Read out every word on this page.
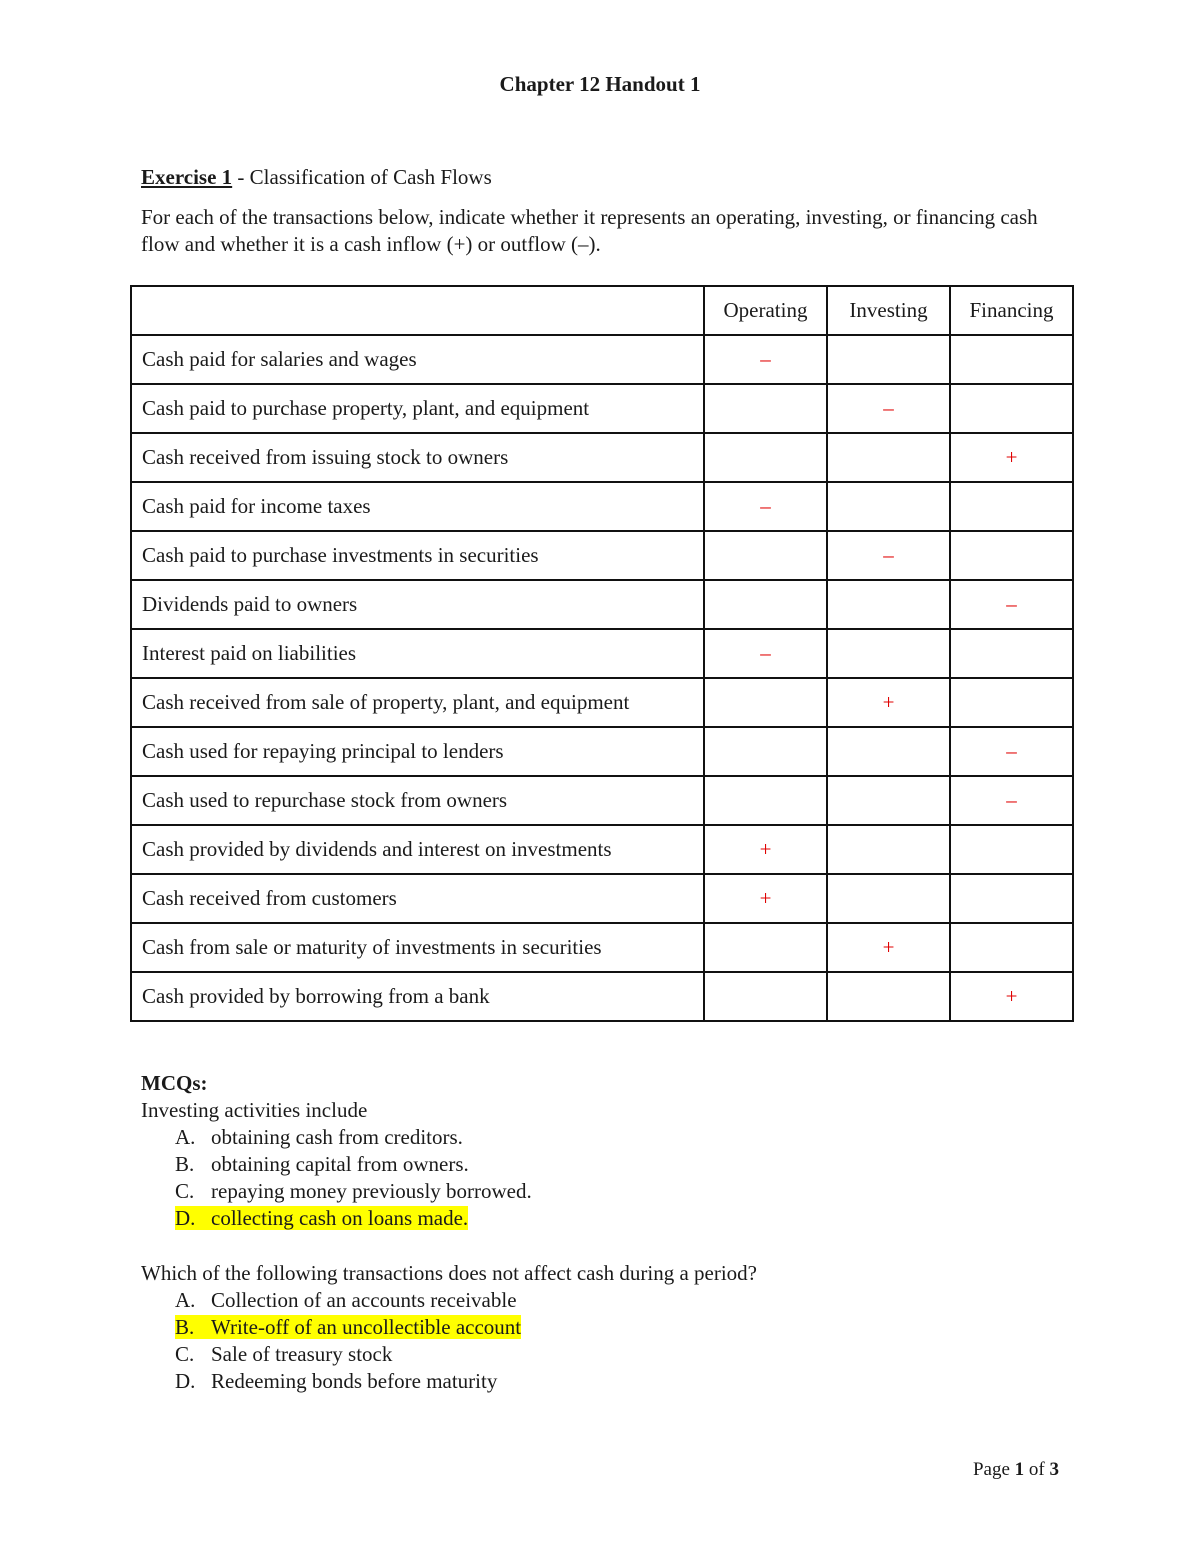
Chapter 12 Handout 1
Exercise 1 - Classification of Cash Flows
For each of the transactions below, indicate whether it represents an operating, investing, or financing cash flow and whether it is a cash inflow (+) or outflow (–).
	Operating	Investing	Financing
Cash paid for salaries and wages	–		
Cash paid to purchase property, plant, and equipment		–	
Cash received from issuing stock to owners			+
Cash paid for income taxes	–		
Cash paid to purchase investments in securities		–	
Dividends paid to owners			–
Interest paid on liabilities	–		
Cash received from sale of property, plant, and equipment		+	
Cash used for repaying principal to lenders			–
Cash used to repurchase stock from owners			–
Cash provided by dividends and interest on investments	+		
Cash received from customers	+		
Cash from sale or maturity of investments in securities		+	
Cash provided by borrowing from a bank			+
MCQs:
Investing activities include
A. obtaining cash from creditors.
B. obtaining capital from owners.
C. repaying money previously borrowed.
D. collecting cash on loans made.
Which of the following transactions does not affect cash during a period?
A. Collection of an accounts receivable
B. Write-off of an uncollectible account
C. Sale of treasury stock
D. Redeeming bonds before maturity
Page 1 of 3
